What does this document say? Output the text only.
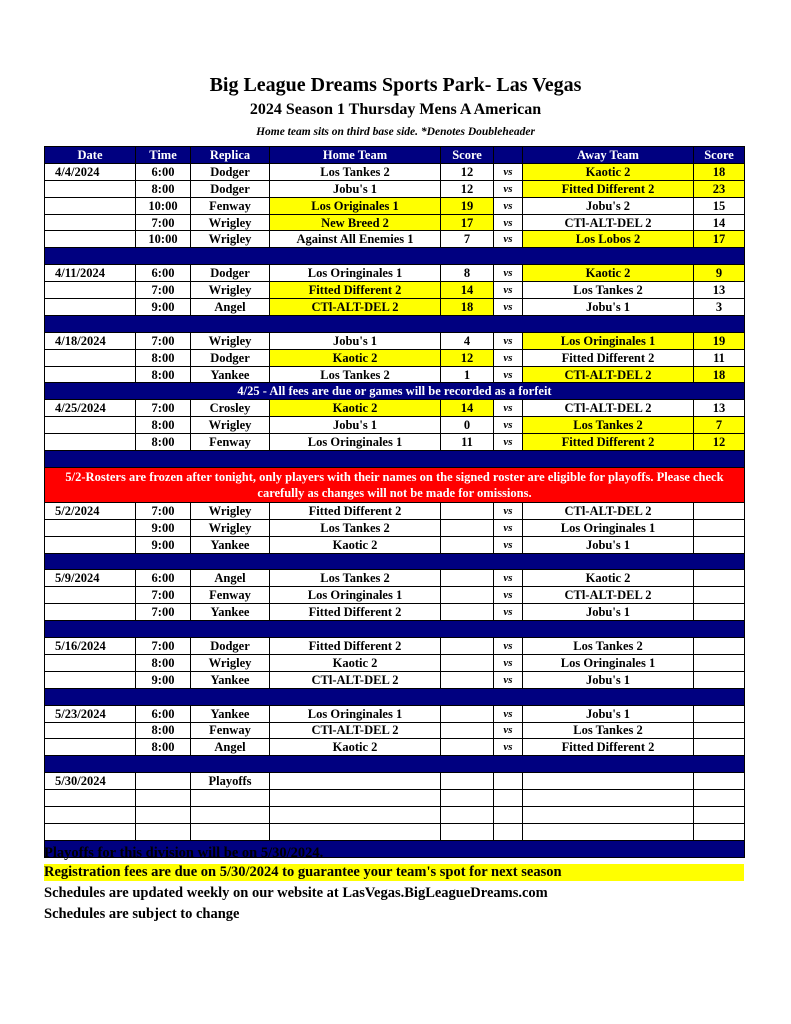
Big League Dreams Sports Park- Las Vegas
2024 Season 1 Thursday Mens A American
Home team sits on third base side. *Denotes Doubleheader
Date	Time	Replica	Home Team	Score		Away Team	Score
4/4/2024	6:00	Dodger	Los Tankes 2	12	vs	Kaotic 2	18
	8:00	Dodger	Jobu's 1	12	vs	Fitted Different 2	23
	10:00	Fenway	Los Originales 1	19	vs	Jobu's 2	15
	7:00	Wrigley	New Breed 2	17	vs	CTl-ALT-DEL 2	14
	10:00	Wrigley	Against All Enemies 1	7	vs	Los Lobos 2	17

4/11/2024	6:00	Dodger	Los Oringinales 1	8	vs	Kaotic 2	9
	7:00	Wrigley	Fitted Different 2	14	vs	Los Tankes 2	13
	9:00	Angel	CTl-ALT-DEL 2	18	vs	Jobu's 1	3

4/18/2024	7:00	Wrigley	Jobu's 1	4	vs	Los Oringinales 1	19
	8:00	Dodger	Kaotic 2	12	vs	Fitted Different 2	11
	8:00	Yankee	Los Tankes 2	1	vs	CTl-ALT-DEL 2	18
4/25 - All fees are due or games will be recorded as a forfeit							
4/25/2024	7:00	Crosley	Kaotic 2	14	vs	CTl-ALT-DEL 2	13
	8:00	Wrigley	Jobu's 1	0	vs	Los Tankes 2	7
	8:00	Fenway	Los Oringinales 1	11	vs	Fitted Different 2	12

5/2-Rosters are frozen after tonight, only players with their names on the signed roster are eligible for playoffs. Please check carefully as changes will not be made for omissions.							
5/2/2024	7:00	Wrigley	Fitted Different 2		vs	CTl-ALT-DEL 2	
	9:00	Wrigley	Los Tankes 2		vs	Los Oringinales 1	
	9:00	Yankee	Kaotic 2		vs	Jobu's 1	

5/9/2024	6:00	Angel	Los Tankes 2		vs	Kaotic 2	
	7:00	Fenway	Los Oringinales 1		vs	CTl-ALT-DEL 2	
	7:00	Yankee	Fitted Different 2		vs	Jobu's 1	

5/16/2024	7:00	Dodger	Fitted Different 2		vs	Los Tankes 2	
	8:00	Wrigley	Kaotic 2		vs	Los Oringinales 1	
	9:00	Yankee	CTl-ALT-DEL 2		vs	Jobu's 1	

5/23/2024	6:00	Yankee	Los Oringinales 1		vs	Jobu's 1	
	8:00	Fenway	CTl-ALT-DEL 2		vs	Los Tankes 2	
	8:00	Angel	Kaotic 2		vs	Fitted Different 2	

5/30/2024		Playoffs					

Playoffs for this division will be on 5/30/2024.
Registration fees are due on 5/30/2024 to guarantee your team's spot for next season
Schedules are updated weekly on our website at LasVegas.BigLeagueDreams.com
Schedules are subject to change
